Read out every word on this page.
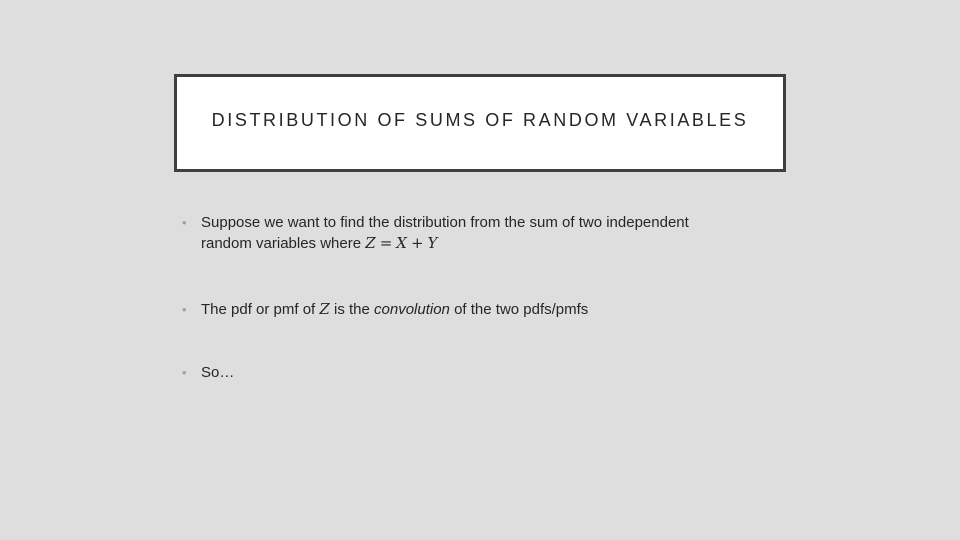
DISTRIBUTION OF SUMS OF RANDOM VARIABLES
• Suppose we want to find the distribution from the sum of two independent
random variables where Z = X + Y
• The pdf or pmf of Z is the convolution of the two pdfs/pmfs
• So…
